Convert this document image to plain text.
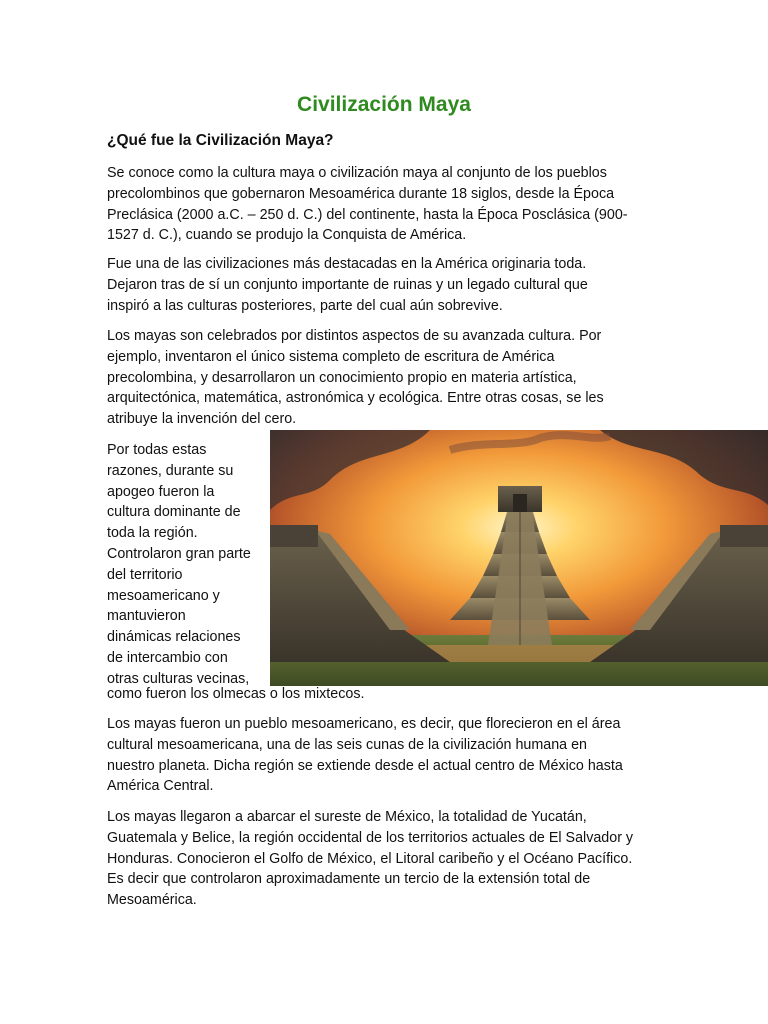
Civilización Maya
¿Qué fue la Civilización Maya?

Se conoce como la cultura maya o civilización maya al conjunto de los pueblos
precolombinos que gobernaron Mesoamérica durante 18 siglos, desde la Época
Preclásica (2000 a.C. – 250 d. C.) del continente, hasta la Época Posclásica (900-
1527 d. C.), cuando se produjo la Conquista de América.

Fue una de las civilizaciones más destacadas en la América originaria toda.
Dejaron tras de sí un conjunto importante de ruinas y un legado cultural que
inspiró a las culturas posteriores, parte del cual aún sobrevive.

Los mayas son celebrados por distintos aspectos de su avanzada cultura. Por
ejemplo, inventaron el único sistema completo de escritura de América
precolombina, y desarrollaron un conocimiento propio en materia artística,
arquitectónica, matemática, astronómica y ecológica. Entre otras cosas, se les
atribuye la invención del cero.

Por todas estas
razones, durante su
apogeo fueron la
cultura dominante de
toda la región.
Controlaron gran parte
del territorio
mesoamericano y
mantuvieron
dinámicas relaciones
de intercambio con
otras culturas vecinas,

como fueron los olmecas o los mixtecos.

Los mayas fueron un pueblo mesoamericano, es decir, que florecieron en el área
cultural mesoamericana, una de las seis cunas de la civilización humana en
nuestro planeta. Dicha región se extiende desde el actual centro de México hasta
América Central.

Los mayas llegaron a abarcar el sureste de México, la totalidad de Yucatán,
Guatemala y Belice, la región occidental de los territorios actuales de El Salvador y
Honduras. Conocieron el Golfo de México, el Litoral caribeño y el Océano Pacífico.
Es decir que controlaron aproximadamente un tercio de la extensión total de
Mesoamérica.
